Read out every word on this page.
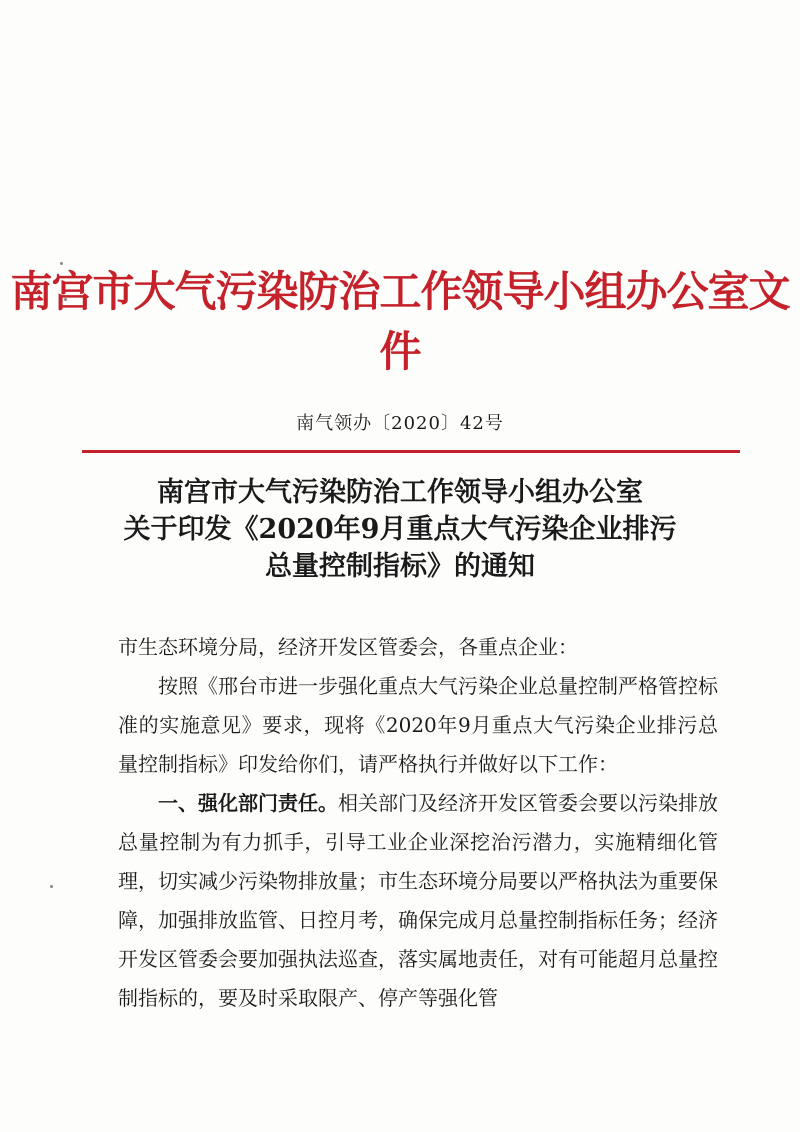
南宫市大气污染防治工作领导小组办公室文件
南气领办〔2020〕42号
南宫市大气污染防治工作领导小组办公室
关于印发《2020年9月重点大气污染企业排污
总量控制指标》的通知

市生态环境分局，经济开发区管委会，各重点企业：

按照《邢台市进一步强化重点大气污染企业总量控制严格管控标准的实施意见》要求，现将《2020年9月重点大气污染企业排污总量控制指标》印发给你们，请严格执行并做好以下工作：

一、强化部门责任。相关部门及经济开发区管委会要以污染排放总量控制为有力抓手，引导工业企业深挖治污潜力，实施精细化管理，切实减少污染物排放量；市生态环境分局要以严格执法为重要保障，加强排放监管、日控月考，确保完成月总量控制指标任务；经济开发区管委会要加强执法巡查，落实属地责任，对有可能超月总量控制指标的，要及时采取限产、停产等强化管
